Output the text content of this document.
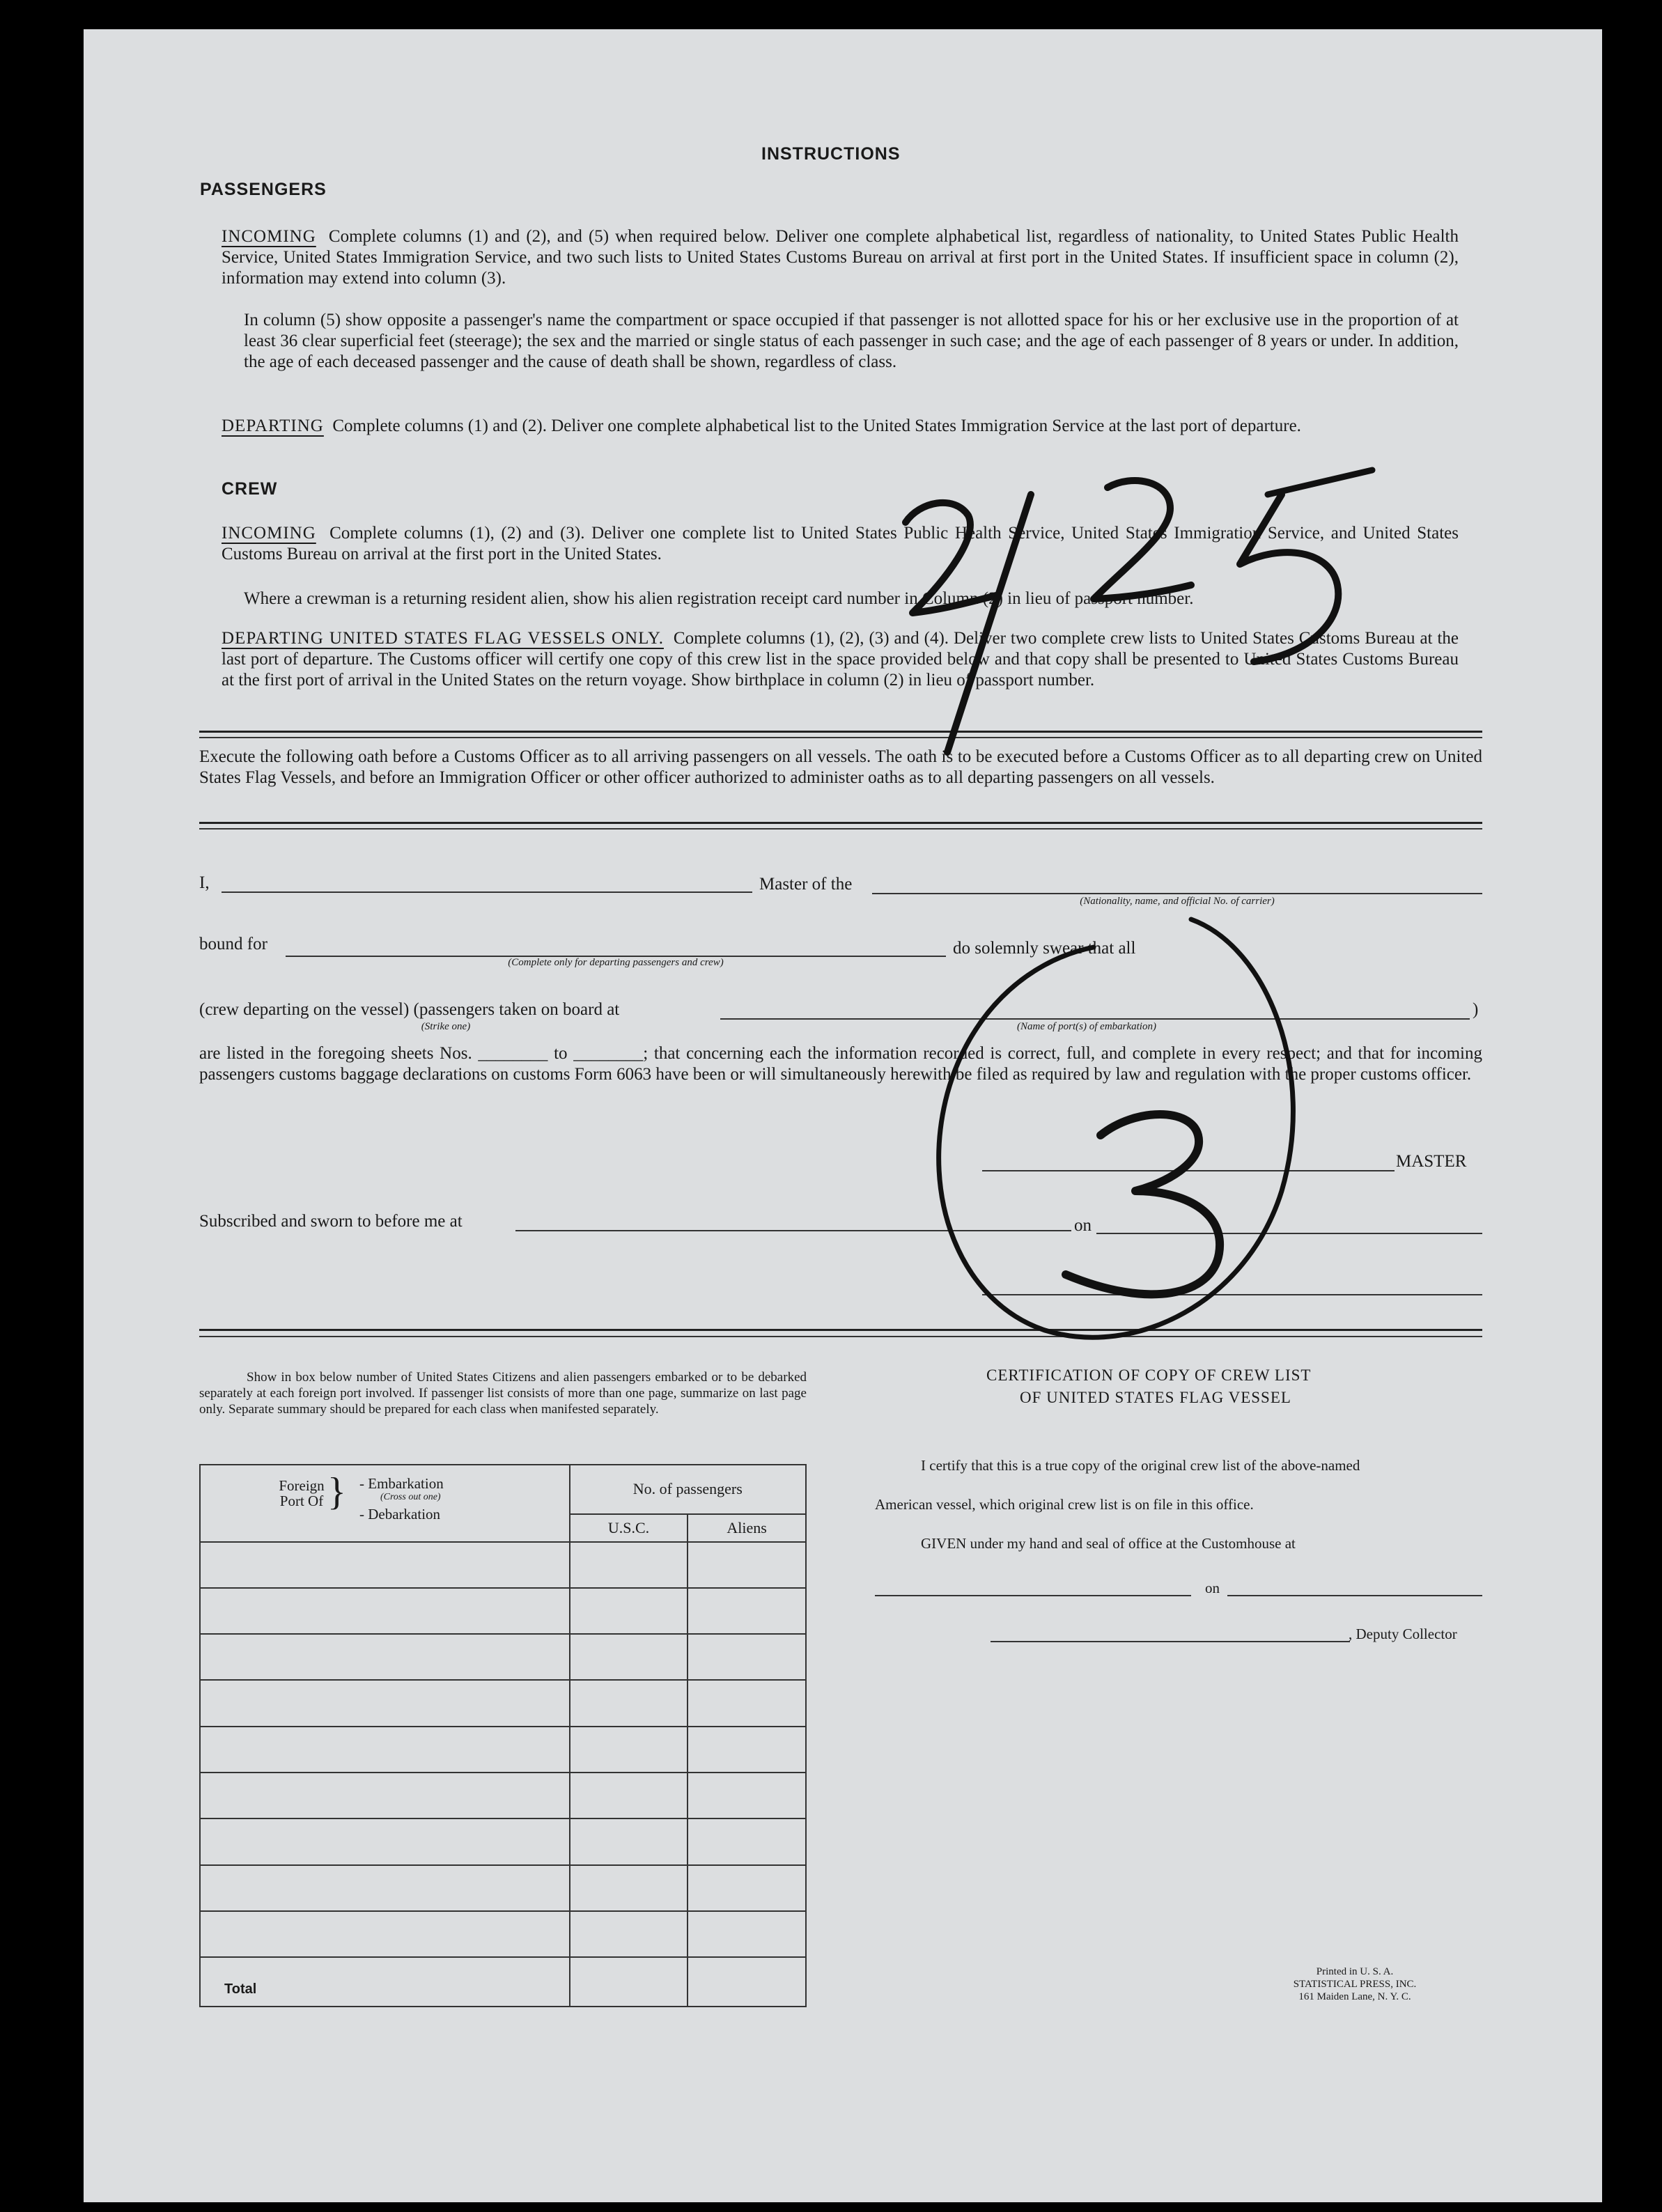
INSTRUCTIONS
PASSENGERS
INCOMING Complete columns (1) and (2), and (5) when required below. Deliver one complete alphabetical list, regardless of nationality, to United States Public Health Service, United States Immigration Service, and two such lists to United States Customs Bureau on arrival at first port in the United States. If insufficient space in column (2), information may extend into column (3).
In column (5) show opposite a passenger's name the compartment or space occupied if that passenger is not allotted space for his or her exclusive use in the proportion of at least 36 clear superficial feet (steerage); the sex and the married or single status of each passenger in such case; and the age of each passenger of 8 years or under. In addition, the age of each deceased passenger and the cause of death shall be shown, regardless of class.
DEPARTING Complete columns (1) and (2). Deliver one complete alphabetical list to the United States Immigration Service at the last port of departure.
CREW
INCOMING Complete columns (1), (2) and (3). Deliver one complete list to United States Public Health Service, United States Immigration Service, and United States Customs Bureau on arrival at the first port in the United States.
Where a crewman is a returning resident alien, show his alien registration receipt card number in Column (2) in lieu of passport number.
DEPARTING UNITED STATES FLAG VESSELS ONLY. Complete columns (1), (2), (3) and (4). Deliver two complete crew lists to United States Customs Bureau at the last port of departure. The Customs officer will certify one copy of this crew list in the space provided below and that copy shall be presented to United States Customs Bureau at the first port of arrival in the United States on the return voyage. Show birthplace in column (2) in lieu of passport number.
Execute the following oath before a Customs Officer as to all arriving passengers on all vessels. The oath is to be executed before a Customs Officer as to all departing crew on United States Flag Vessels, and before an Immigration Officer or other officer authorized to administer oaths as to all departing passengers on all vessels.
I,	Master of the
(Nationality, name, and official No. of carrier)
bound for
(Complete only for departing passengers and crew)
do solemnly swear that all
(crew departing on the vessel) (passengers taken on board at
(Strike one)	(Name of port(s) of embarkation)
)
are listed in the foregoing sheets Nos. ________ to ________; that concerning each the information recorded is correct, full, and complete in every respect; and that for incoming passengers customs baggage declarations on customs Form 6063 have been or will simultaneously herewith be filed as required by law and regulation with the proper customs officer.
MASTER
Subscribed and sworn to before me at	on
Show in box below number of United States Citizens and alien passengers embarked or to be debarked separately at each foreign port involved. If passenger list consists of more than one page, summarize on last page only. Separate summary should be prepared for each class when manifested separately.
Foreign Port Of } - Embarkation
(Cross out one)
- Debarkation	No. of passengers	
	U.S.C.	Aliens

Total		
CERTIFICATION OF COPY OF CREW LIST
OF UNITED STATES FLAG VESSEL
I certify that this is a true copy of the original crew list of the above-named
American vessel, which original crew list is on file in this office.
GIVEN under my hand and seal of office at the Customhouse at
on
, Deputy Collector
Printed in U. S. A.
STATISTICAL PRESS, INC.
161 Maiden Lane, N. Y. C.
